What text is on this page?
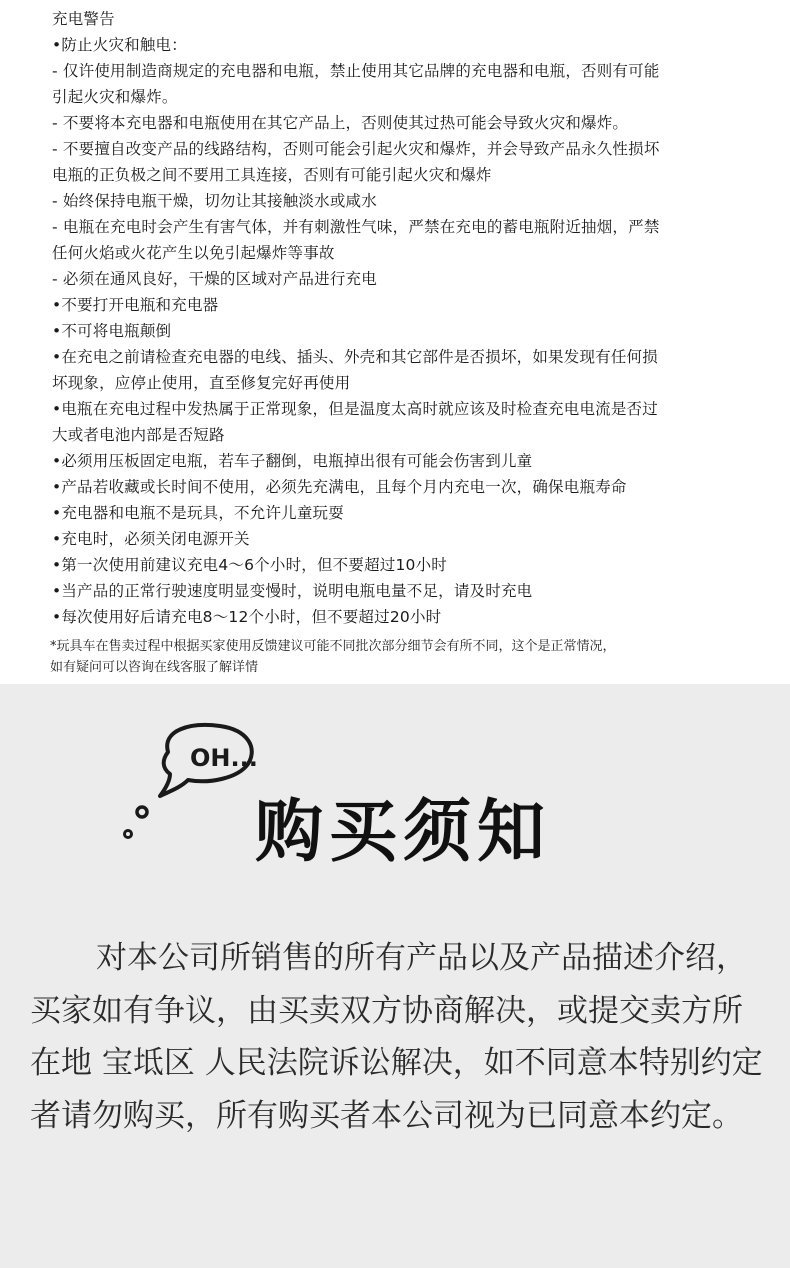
充电警告
•防止火灾和触电：
- 仅许使用制造商规定的充电器和电瓶，禁止使用其它品牌的充电器和电瓶，否则有可能
引起火灾和爆炸。
- 不要将本充电器和电瓶使用在其它产品上，否则使其过热可能会导致火灾和爆炸。
- 不要擅自改变产品的线路结构，否则可能会引起火灾和爆炸，并会导致产品永久性损坏
电瓶的正负极之间不要用工具连接，否则有可能引起火灾和爆炸
- 始终保持电瓶干燥，切勿让其接触淡水或咸水
- 电瓶在充电时会产生有害气体，并有刺激性气味，严禁在充电的蓄电瓶附近抽烟，严禁
任何火焰或火花产生以免引起爆炸等事故
- 必须在通风良好，干燥的区域对产品进行充电
•不要打开电瓶和充电器
•不可将电瓶颠倒
•在充电之前请检查充电器的电线、插头、外壳和其它部件是否损坏，如果发现有任何损
坏现象，应停止使用，直至修复完好再使用
•电瓶在充电过程中发热属于正常现象，但是温度太高时就应该及时检查充电电流是否过
大或者电池内部是否短路
•必须用压板固定电瓶，若车子翻倒，电瓶掉出很有可能会伤害到儿童
•产品若收藏或长时间不使用，必须先充满电，且每个月内充电一次，确保电瓶寿命
•充电器和电瓶不是玩具，不允许儿童玩耍
•充电时，必须关闭电源开关
•第一次使用前建议充电4～6个小时，但不要超过10小时
•当产品的正常行驶速度明显变慢时，说明电瓶电量不足，请及时充电
•每次使用好后请充电8～12个小时，但不要超过20小时
*玩具车在售卖过程中根据买家使用反馈建议可能不同批次部分细节会有所不同，这个是正常情况，
如有疑问可以咨询在线客服了解详情
OH...
购买须知
对本公司所销售的所有产品以及产品描述介绍，
买家如有争议，由买卖双方协商解决，或提交卖方所
在地 宝坻区 人民法院诉讼解决，如不同意本特别约定
者请勿购买，所有购买者本公司视为已同意本约定。
